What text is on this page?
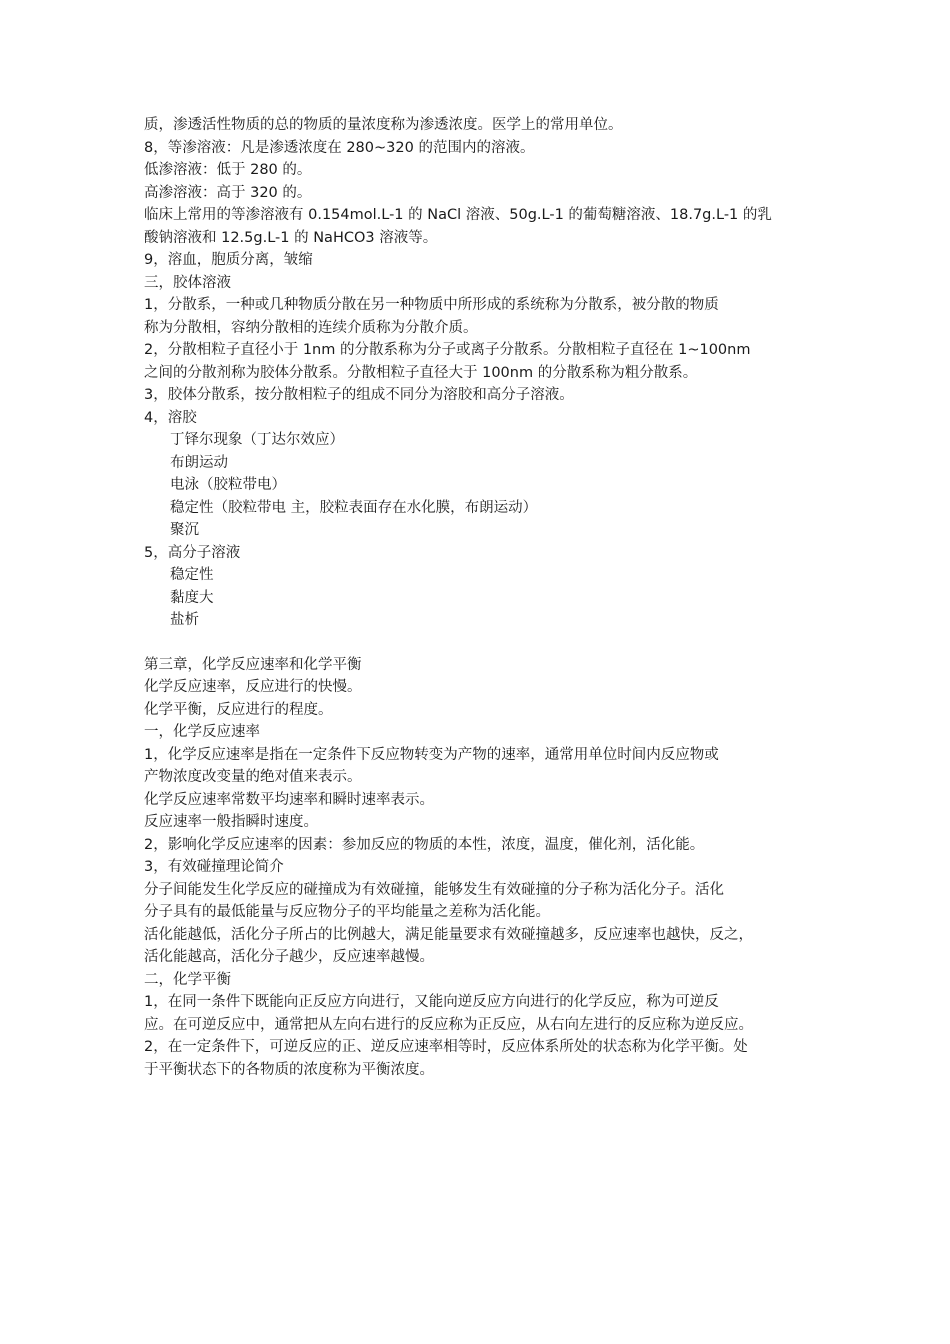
质，渗透活性物质的总的物质的量浓度称为渗透浓度。医学上的常用单位。
8，等渗溶液：凡是渗透浓度在 280~320 的范围内的溶液。
低渗溶液：低于 280 的。
高渗溶液：高于 320 的。
临床上常用的等渗溶液有 0.154mol.L-1 的 NaCl 溶液、50g.L-1 的葡萄糖溶液、18.7g.L-1 的乳
酸钠溶液和 12.5g.L-1 的 NaHCO3 溶液等。
9，溶血，胞质分离，皱缩
三，胶体溶液
1，分散系，一种或几种物质分散在另一种物质中所形成的系统称为分散系，被分散的物质
称为分散相，容纳分散相的连续介质称为分散介质。
2，分散相粒子直径小于 1nm 的分散系称为分子或离子分散系。分散相粒子直径在 1~100nm
之间的分散剂称为胶体分散系。分散相粒子直径大于 100nm 的分散系称为粗分散系。
3，胶体分散系，按分散相粒子的组成不同分为溶胶和高分子溶液。
4，溶胶
丁铎尔现象（丁达尔效应）
布朗运动
电泳（胶粒带电）
稳定性（胶粒带电 主，胶粒表面存在水化膜，布朗运动）
聚沉
5，高分子溶液
稳定性
黏度大
盐析
第三章，化学反应速率和化学平衡
化学反应速率，反应进行的快慢。
化学平衡，反应进行的程度。
一，化学反应速率
1，化学反应速率是指在一定条件下反应物转变为产物的速率，通常用单位时间内反应物或
产物浓度改变量的绝对值来表示。
化学反应速率常数平均速率和瞬时速率表示。
反应速率一般指瞬时速度。
2，影响化学反应速率的因素：参加反应的物质的本性，浓度，温度，催化剂，活化能。
3，有效碰撞理论简介
分子间能发生化学反应的碰撞成为有效碰撞，能够发生有效碰撞的分子称为活化分子。活化
分子具有的最低能量与反应物分子的平均能量之差称为活化能。
活化能越低，活化分子所占的比例越大，满足能量要求有效碰撞越多，反应速率也越快，反之，
活化能越高，活化分子越少，反应速率越慢。
二，化学平衡
1，在同一条件下既能向正反应方向进行，又能向逆反应方向进行的化学反应，称为可逆反
应。在可逆反应中，通常把从左向右进行的反应称为正反应，从右向左进行的反应称为逆反应。
2，在一定条件下，可逆反应的正、逆反应速率相等时，反应体系所处的状态称为化学平衡。处
于平衡状态下的各物质的浓度称为平衡浓度。
